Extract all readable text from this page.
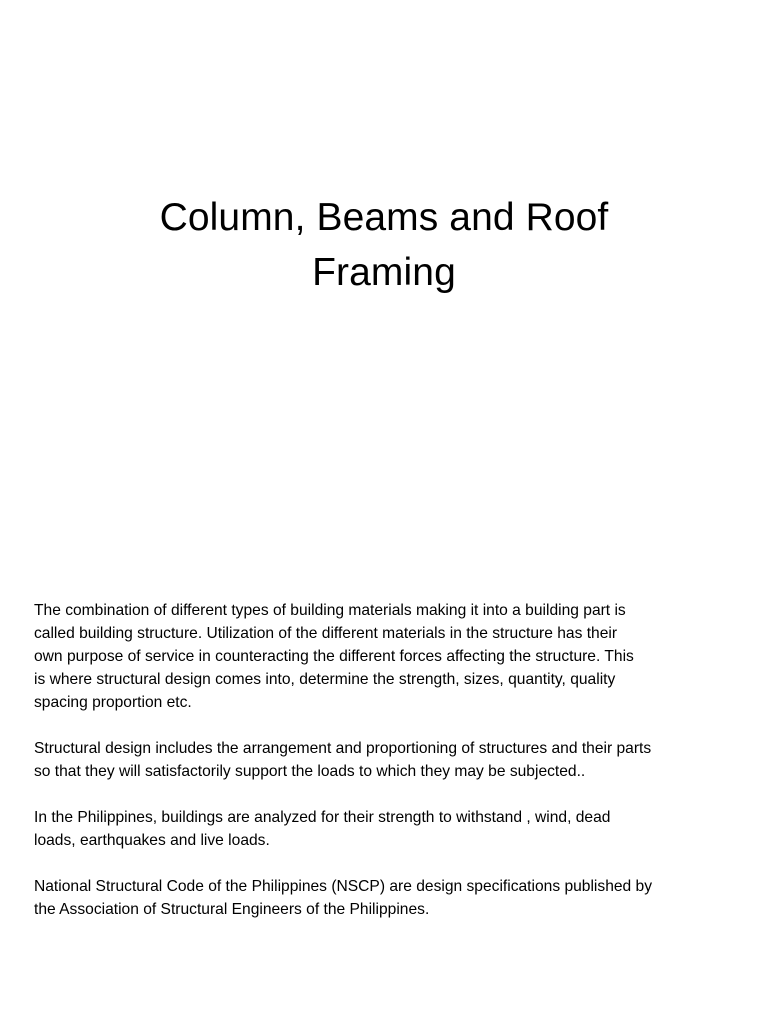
Column, Beams and Roof
Framing

The combination of different types of building materials making it into a building part is
called building structure. Utilization of the different materials in the structure has their
own purpose of service in counteracting the different forces affecting the structure. This
is where structural design comes into, determine the strength, sizes, quantity, quality
spacing proportion etc.

Structural design includes the arrangement and proportioning of structures and their parts
so that they will satisfactorily support the loads to which they may be subjected..

In the Philippines, buildings are analyzed for their strength to withstand , wind, dead
loads, earthquakes and live loads.

National Structural Code of the Philippines (NSCP) are design specifications published by
the Association of Structural Engineers of the Philippines.
